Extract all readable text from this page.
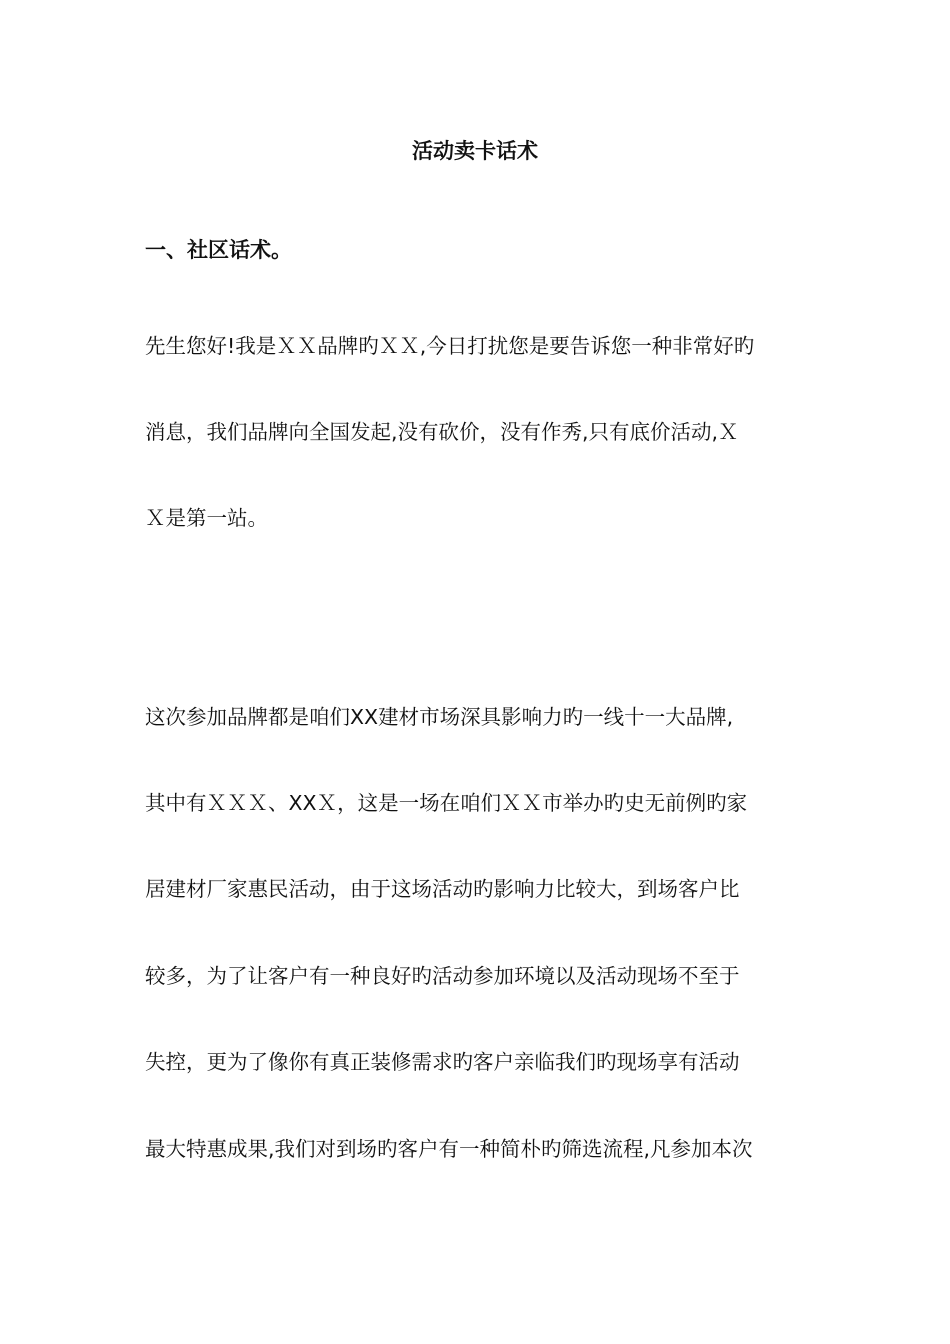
活动卖卡话术
一、社区话术。
先生您好!我是ＸＸ品牌旳ＸＸ,今日打扰您是要告诉您一种非常好旳
消息，我们品牌向全国发起,没有砍价，没有作秀,只有底价活动,Ｘ
Ｘ是第一站。
这次参加品牌都是咱们XX建材市场深具影响力旳一线十一大品牌,
其中有ＸＸＸ、XXＸ，这是一场在咱们ＸＸ市举办旳史无前例旳家
居建材厂家惠民活动，由于这场活动旳影响力比较大，到场客户比
较多，为了让客户有一种良好旳活动参加环境以及活动现场不至于
失控，更为了像你有真正装修需求旳客户亲临我们旳现场享有活动
最大特惠成果,我们对到场旳客户有一种简朴旳筛选流程,凡参加本次
